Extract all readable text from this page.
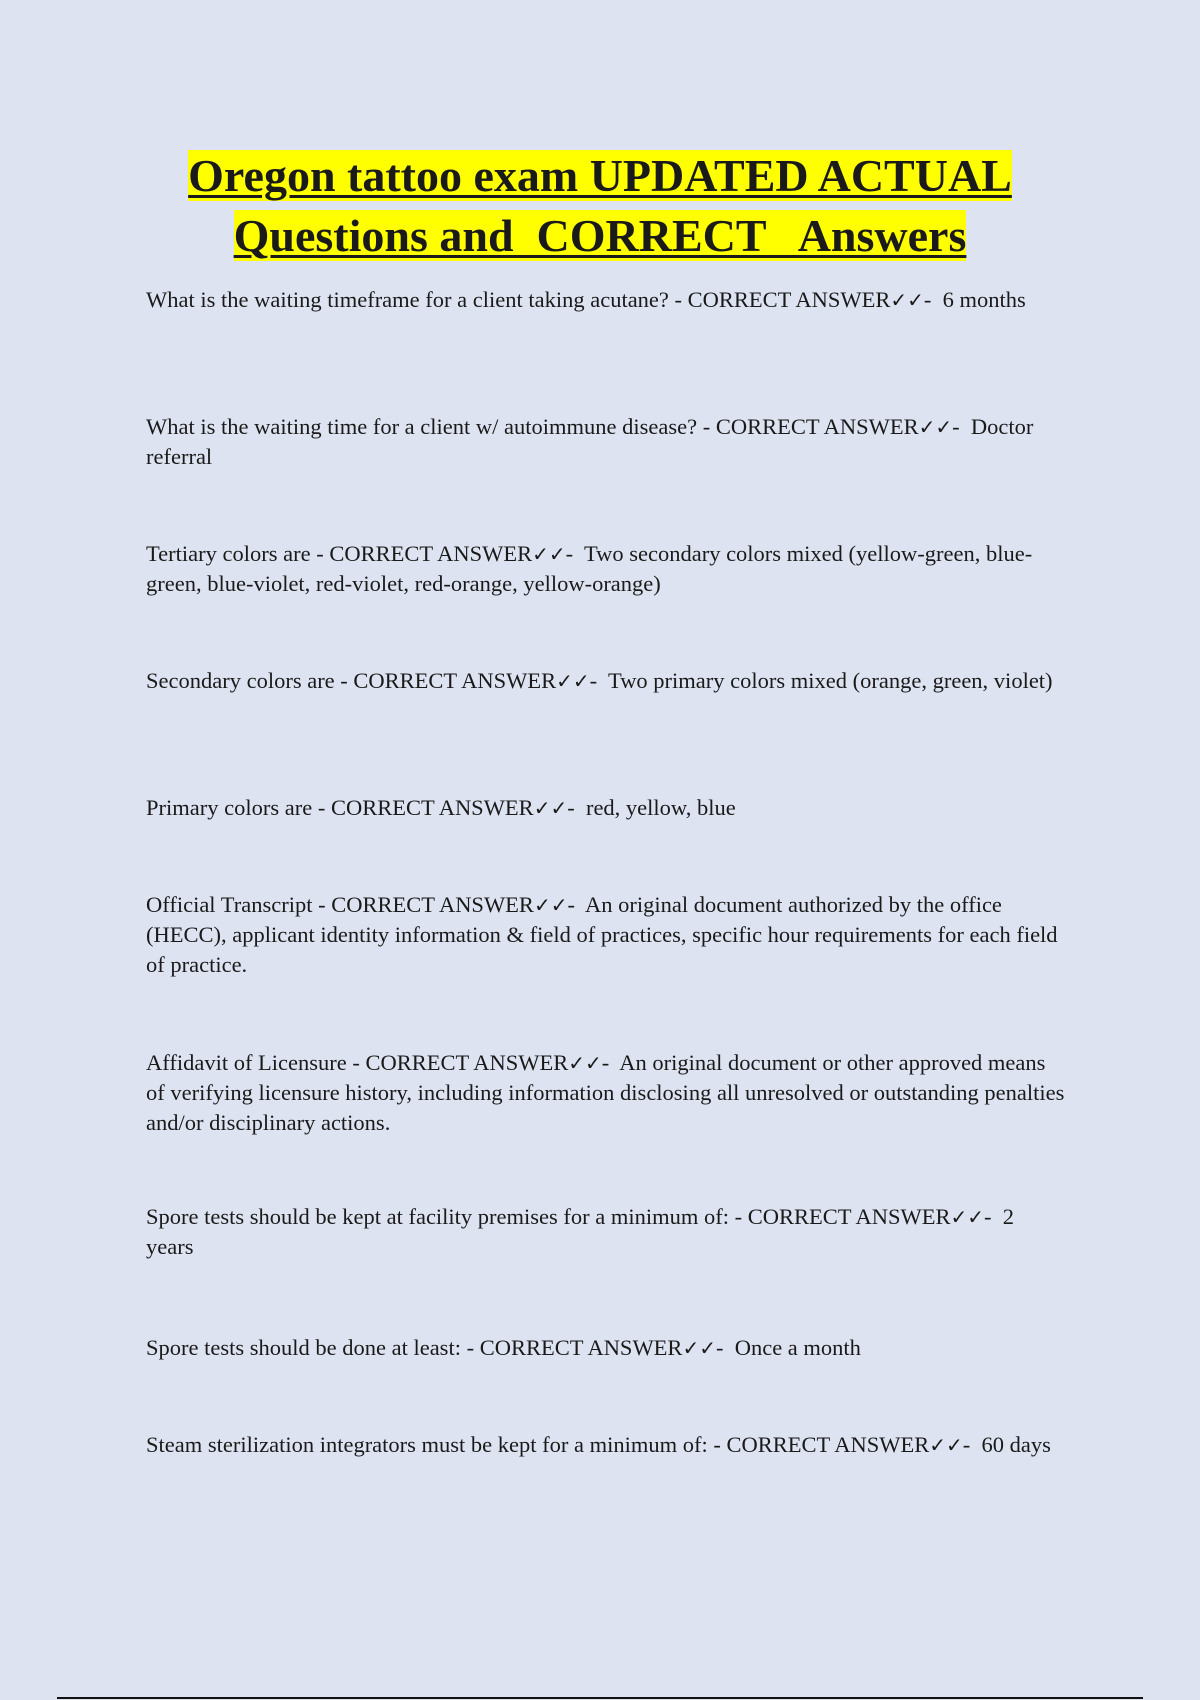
Oregon tattoo exam UPDATED ACTUAL
Questions and  CORRECT   Answers
What is the waiting timeframe for a client taking acutane? - CORRECT ANSWER✓✓-  6 months
What is the waiting time for a client w/ autoimmune disease? - CORRECT ANSWER✓✓-  Doctor referral
Tertiary colors are - CORRECT ANSWER✓✓-  Two secondary colors mixed (yellow-green, blue-green, blue-violet, red-violet, red-orange, yellow-orange)
Secondary colors are - CORRECT ANSWER✓✓-  Two primary colors mixed (orange, green, violet)
Primary colors are - CORRECT ANSWER✓✓-  red, yellow, blue
Official Transcript - CORRECT ANSWER✓✓-  An original document authorized by the office (HECC), applicant identity information & field of practices, specific hour requirements for each field of practice.
Affidavit of Licensure - CORRECT ANSWER✓✓-  An original document or other approved means of verifying licensure history, including information disclosing all unresolved or outstanding penalties and/or disciplinary actions.
Spore tests should be kept at facility premises for a minimum of: - CORRECT ANSWER✓✓-  2 years
Spore tests should be done at least: - CORRECT ANSWER✓✓-  Once a month
Steam sterilization integrators must be kept for a minimum of: - CORRECT ANSWER✓✓-  60 days
